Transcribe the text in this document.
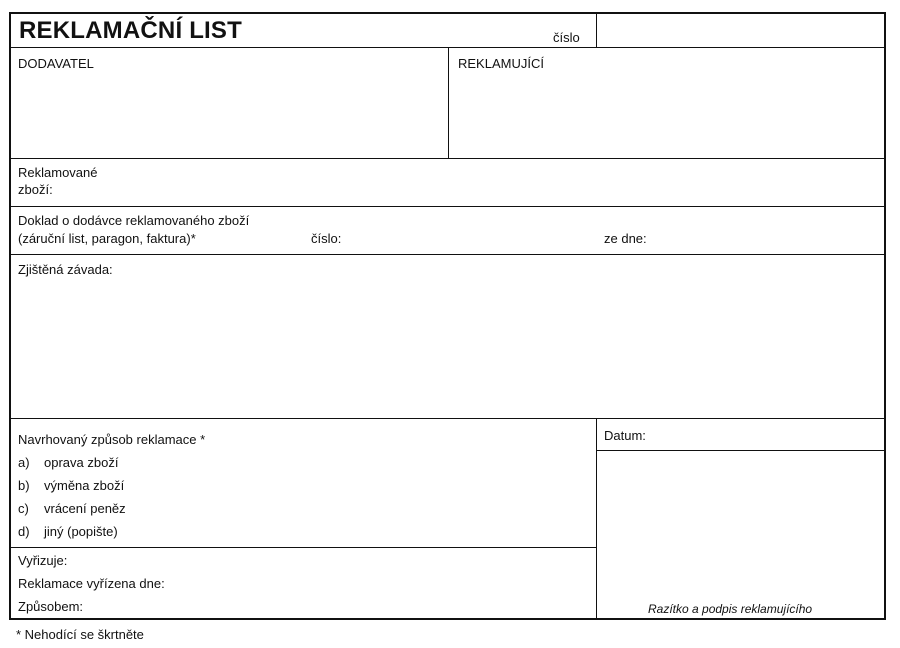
REKLAMAČNÍ LIST	číslo
DODAVATEL	REKLAMUJÍCÍ
Reklamované
zboží:
Doklad o dodávce reklamovaného zboží
(záruční list, paragon, faktura)*	číslo:	ze dne:
Zjištěná závada:
Navrhovaný způsob reklamace *
a) oprava zboží
b) výměna zboží
c) vrácení peněz
d) jiný (popište)
Datum:
Razítko a podpis reklamujícího
Vyřizuje:
Reklamace vyřízena dne:
Způsobem:
* Nehodící se škrtněte
